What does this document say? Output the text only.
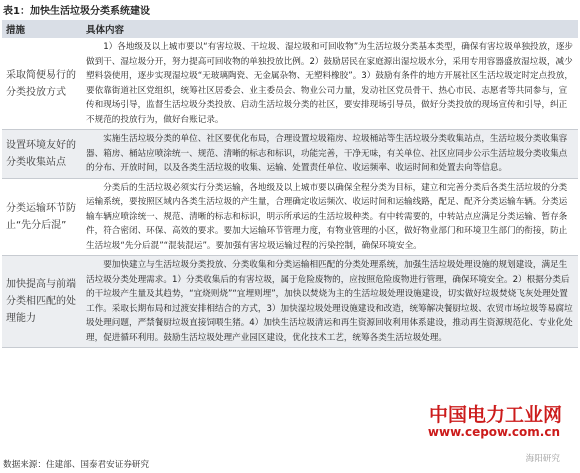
表1：加快生活垃圾分类系统建设
措施	具体内容
采取简便易行的分类投放方式	1）各地级及以上城市要以“有害垃圾、干垃圾、湿垃圾和可回收物”为生活垃圾分类基本类型，确保有害垃圾单独投放，逐步做到干、湿垃圾分开，努力提高可回收物的单独投放比例。2）鼓励居民在家庭源出湿垃圾水分，采用专用容器盛放湿垃圾，减少塑料袋使用，逐步实现湿垃圾“无玻璃陶瓷、无金属杂物、无塑料橡胶”。3）鼓励有条件的地方开展社区生活垃圾定时定点投放，要依靠街道社区党组织，统筹社区居委会、业主委员会、物业公司力量，发动社区党员骨干、热心市民、志愿者等共同参与，宣传和现场引导，监督生活垃圾分类投放、启动生活垃圾分类的社区，要安排现场引导员，做好分类投放的现场宣传和引导，纠正不规范的投放行为，做好台账记录。
设置环境友好的分类收集站点	实施生活垃圾分类的单位、社区要优化布局，合理设置垃圾箱房、垃圾桶站等生活垃圾分类收集站点，生活垃圾分类收集容器、箱房、桶站应喷涂统一、规范、清晰的标志和标识，功能完善，干净无味，有关单位、社区应同步公示生活垃圾分类收集点的分布、开放时间，以及各类生活垃圾的收集、运输、处置责任单位、收运频率、收运时间和处置去向等信息。
分类运输环节防止“先分后混”	分类后的生活垃圾必须实行分类运输，各地级及以上城市要以确保全程分类为目标，建立和完善分类后各类生活垃圾的分类运输系统，要按照区域内各类生活垃圾的产生量，合理确定收运频次、收运时间和运输线路，配足、配齐分类运输车辆。分类运输车辆应喷涂统一、规范、清晰的标志和标识，明示所承运的生活垃圾种类。有中转需要的，中转站点应满足分类运输、暂存条件，符合密闭、环保、高效的要求。要加大运输环节管理力度，有物业管理的小区，做好物业部门和环境卫生部门的衔接，防止生活垃圾“先分后混”“混装混运”。要加强有害垃圾运输过程的污染控制，确保环境安全。
加快提高与前端分类相匹配的处理能力	要加快建立与生活垃圾分类投放、分类收集和分类运输相匹配的分类处理系统，加强生活垃圾处理设施的规划建设，满足生活垃圾分类处理需求。1）分类收集后的有害垃圾，属于危险废物的，应按照危险废物进行管理，确保环境安全。2）根据分类后的干垃圾产生量及其趋势，“宜烧则烧”“宜埋则埋”，加快以焚烧为主的生活垃圾处理设施建设，切实做好垃圾焚烧飞灰处理处置工作。采取长期布局和过渡安排相结合的方式，3）加快湿垃圾处理设施建设和改造，统筹解决餐厨垃圾、农贸市场垃圾等易腐垃圾处理问题，严禁餐厨垃圾直接饲喂生猪。4）加快生活垃圾清运和再生资源回收利用体系建设，推动再生资源规范化、专业化处理，促进循环利用。鼓励生活垃圾处理产业园区建设，优化技术工艺，统筹各类生活垃圾处理。
中国电力工业网
www.cepow.com.cn
海阳研究
数据来源：住建部、国泰君安证券研究
